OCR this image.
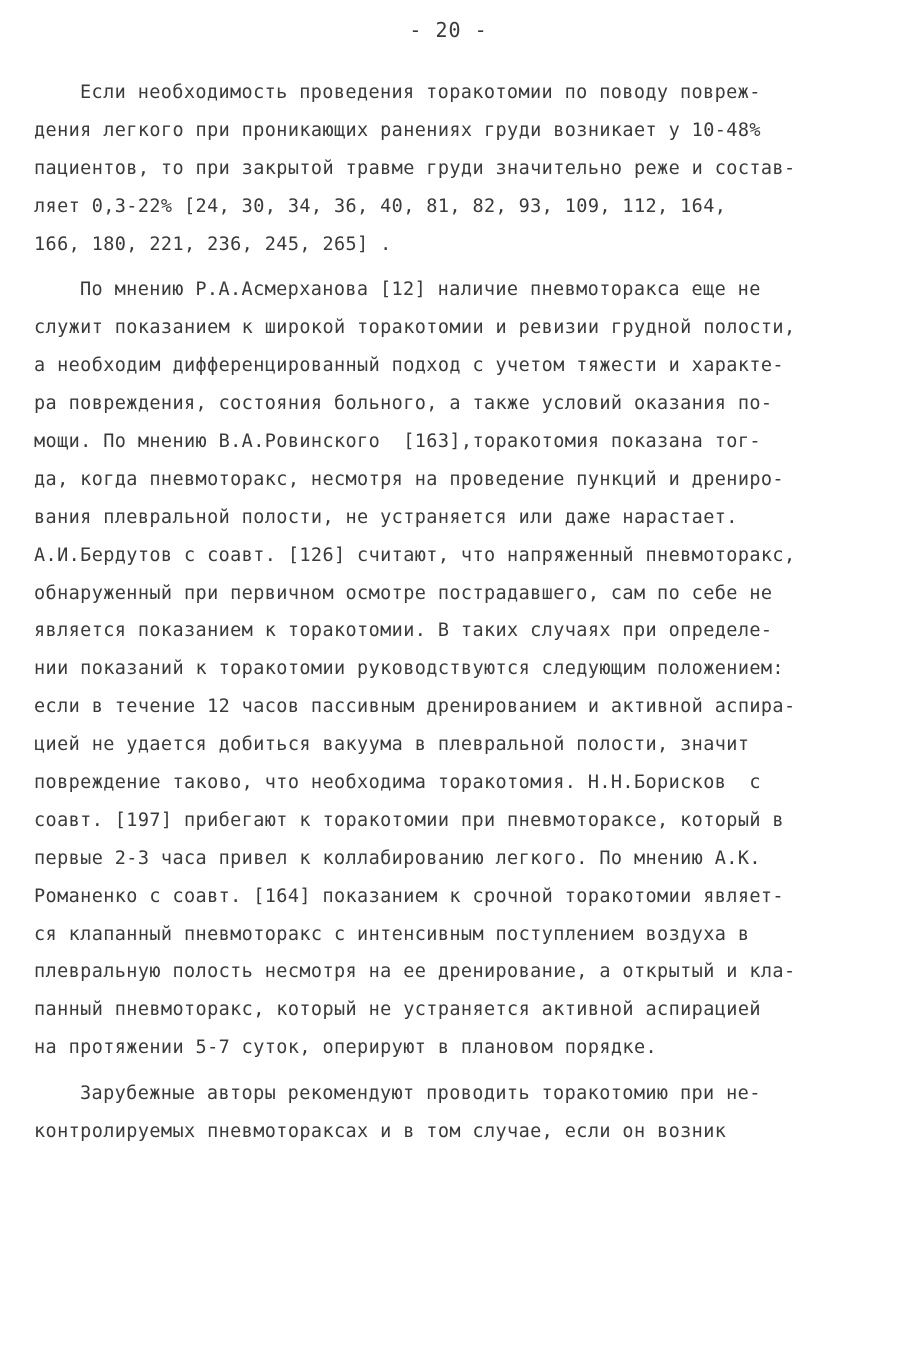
- 20 -
Если необходимость проведения торакотомии по поводу повреж-
дения легкого при проникающих ранениях груди возникает у 10-48%
пациентов, то при закрытой травме груди значительно реже и состав-
ляет 0,3-22% [24, 30, 34, 36, 40, 81, 82, 93, 109, 112, 164,
166, 180, 221, 236, 245, 265] .
По мнению Р.А.Асмерханова [12] наличие пневмоторакса еще не
служит показанием к широкой торакотомии и ревизии грудной полости,
а необходим дифференцированный подход с учетом тяжести и характе-
ра повреждения, состояния больного, а также условий оказания по-
мощи. По мнению В.А.Ровинского  [163],торакотомия показана тог-
да, когда пневмоторакс, несмотря на проведение пункций и дрениро-
вания плевральной полости, не устраняется или даже нарастает.
А.И.Бердутов с соавт. [126] считают, что напряженный пневмоторакс,
обнаруженный при первичном осмотре пострадавшего, сам по себе не
является показанием к торакотомии. В таких случаях при определе-
нии показаний к торакотомии руководствуются следующим положением:
если в течение 12 часов пассивным дренированием и активной аспира-
цией не удается добиться вакуума в плевральной полости, значит
повреждение таково, что необходима торакотомия. Н.Н.Борисков  с
соавт. [197] прибегают к торакотомии при пневмотораксе, который в
первые 2-3 часа привел к коллабированию легкого. По мнению А.К.
Романенко с соавт. [164] показанием к срочной торакотомии являет-
ся клапанный пневмоторакс с интенсивным поступлением воздуха в
плевральную полость несмотря на ее дренирование, а открытый и кла-
панный пневмоторакс, который не устраняется активной аспирацией
на протяжении 5-7 суток, оперируют в плановом порядке.
Зарубежные авторы рекомендуют проводить торакотомию при не-
контролируемых пневмотораксах и в том случае, если он возник
